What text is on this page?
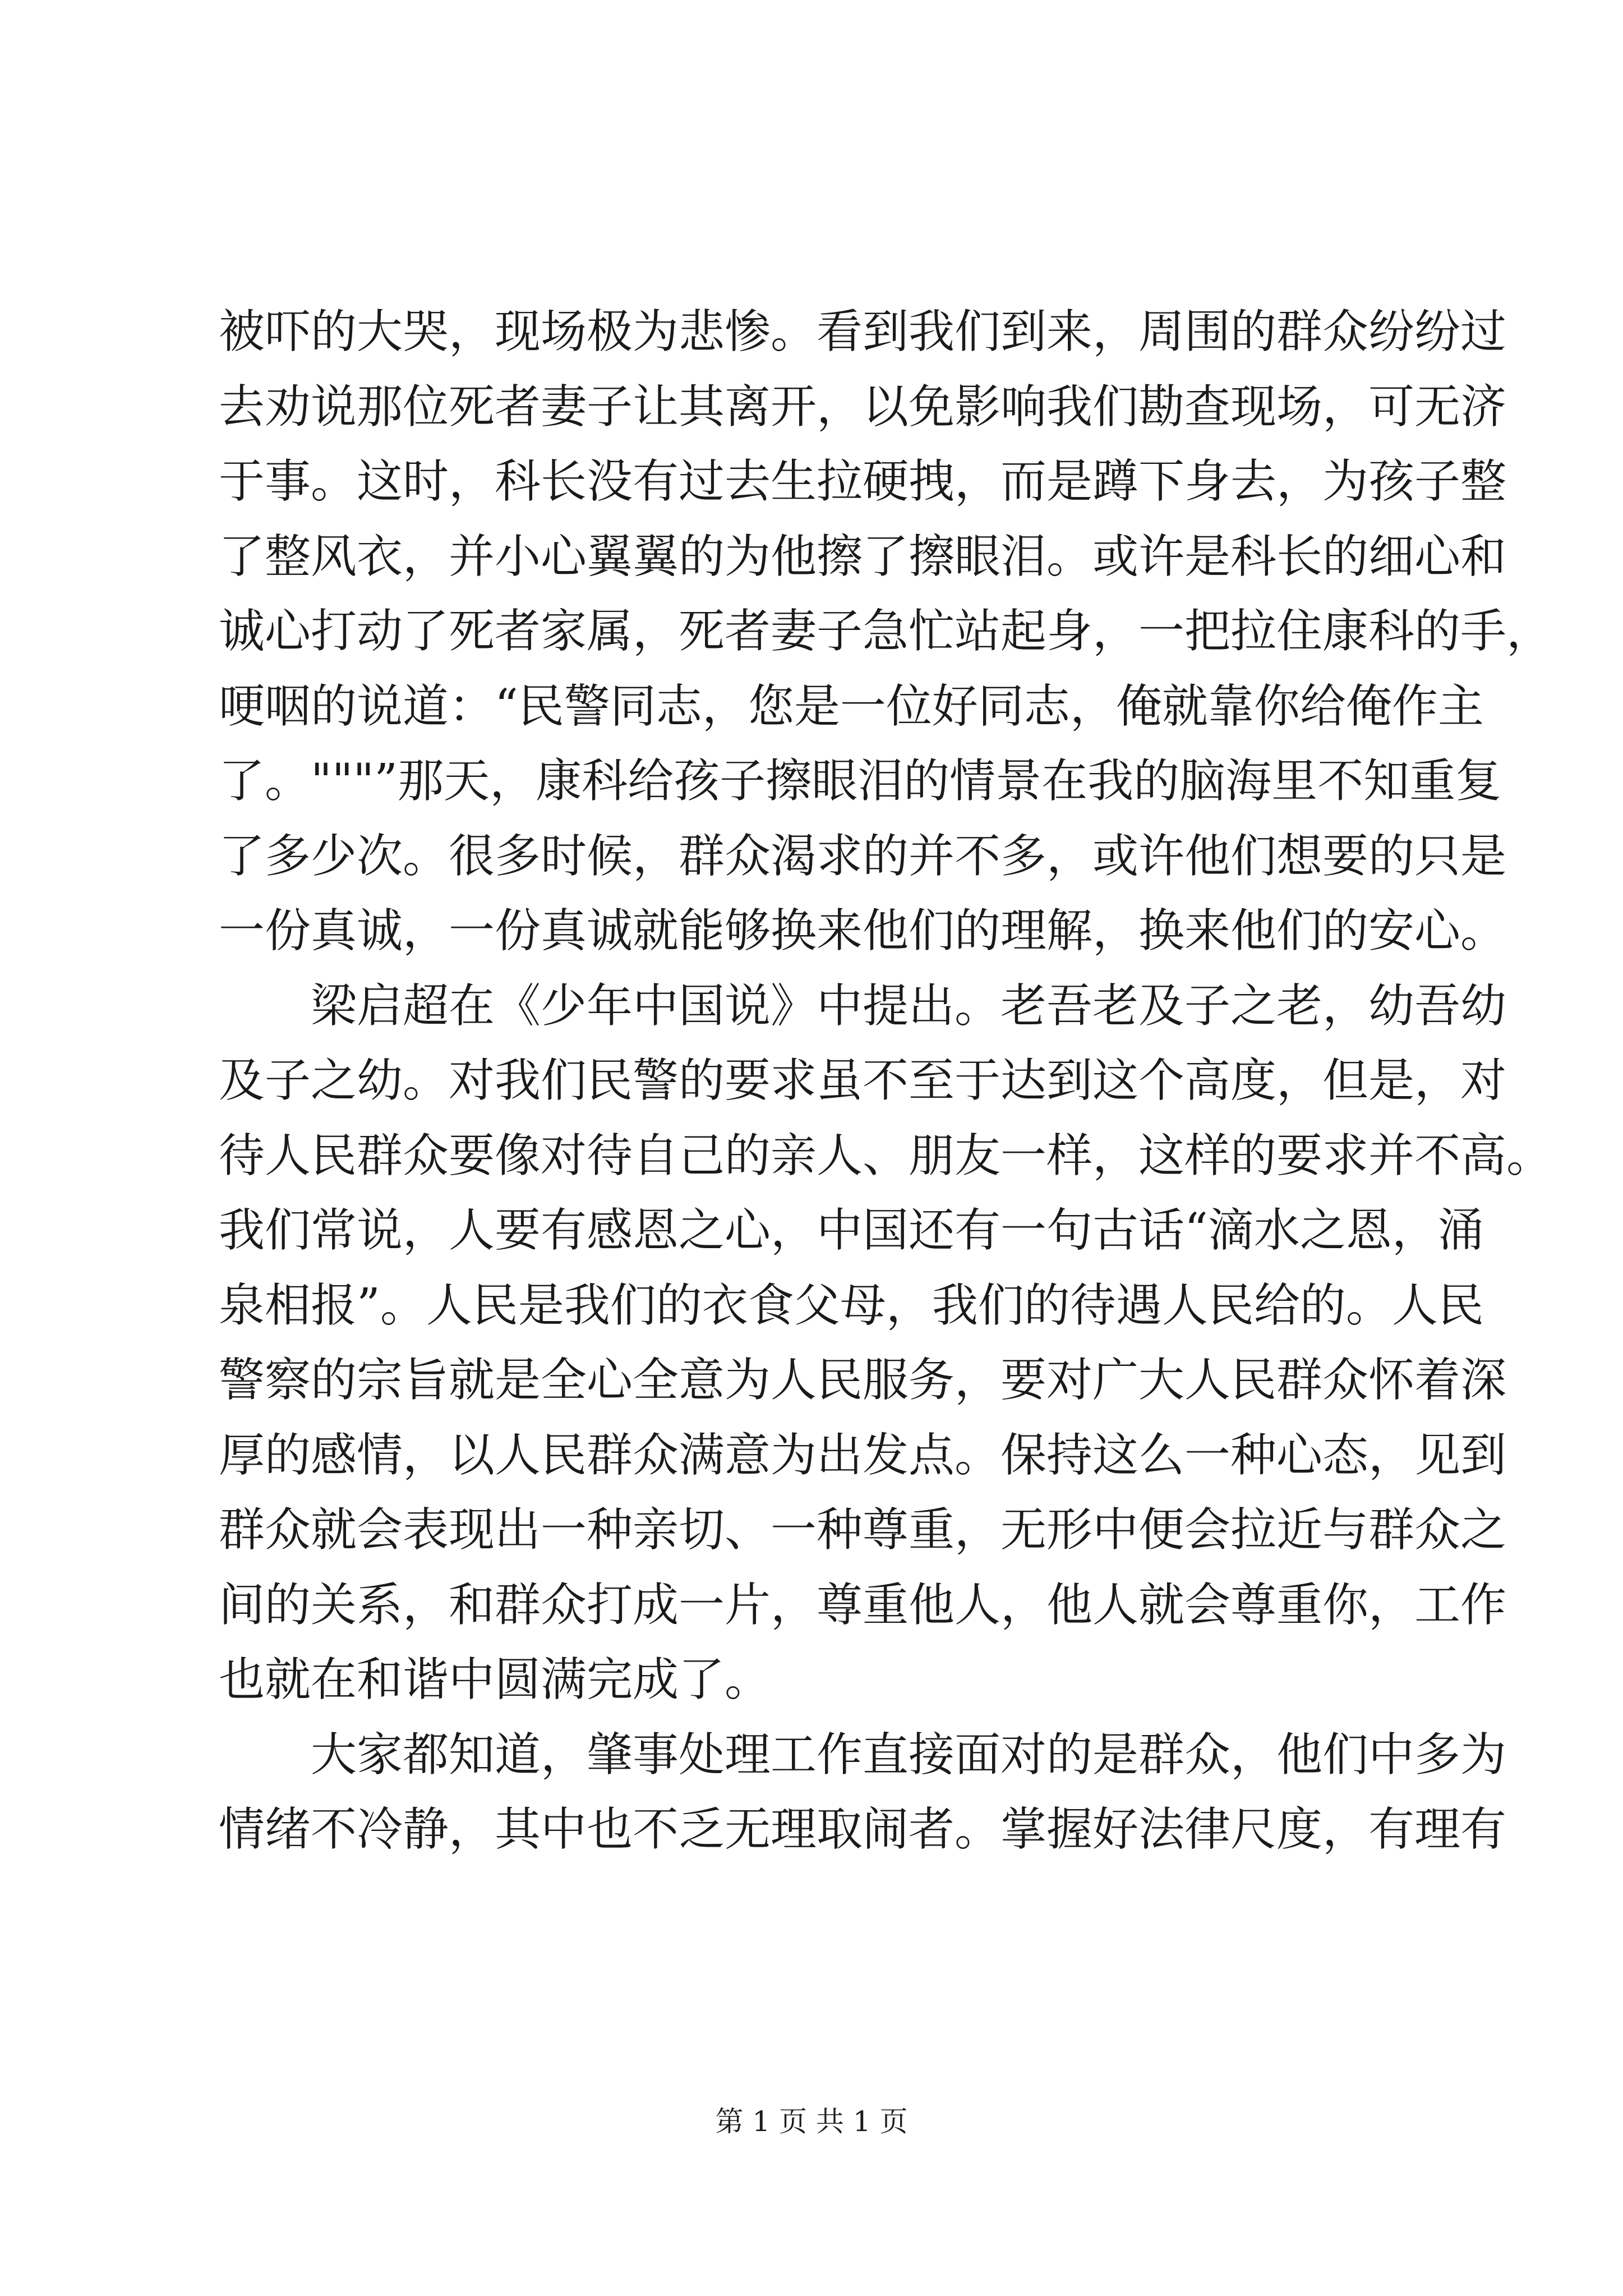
被吓的大哭，现场极为悲惨。看到我们到来，周围的群众纷纷过
去劝说那位死者妻子让其离开，以免影响我们勘查现场，可无济
于事。这时，科长没有过去生拉硬拽，而是蹲下身去，为孩子整
了整风衣，并小心翼翼的为他擦了擦眼泪。或许是科长的细心和
诚心打动了死者家属，死者妻子急忙站起身，一把拉住康科的手，
哽咽的说道：“民警同志，您是一位好同志，俺就靠你给俺作主
了。"""”那天，康科给孩子擦眼泪的情景在我的脑海里不知重复
了多少次。很多时候，群众渴求的并不多，或许他们想要的只是
一份真诚，一份真诚就能够换来他们的理解，换来他们的安心。
梁启超在《少年中国说》中提出。老吾老及子之老，幼吾幼
及子之幼。对我们民警的要求虽不至于达到这个高度，但是，对
待人民群众要像对待自己的亲人、朋友一样，这样的要求并不高。
我们常说，人要有感恩之心，中国还有一句古话“滴水之恩，涌
泉相报”。人民是我们的衣食父母，我们的待遇人民给的。人民
警察的宗旨就是全心全意为人民服务，要对广大人民群众怀着深
厚的感情，以人民群众满意为出发点。保持这么一种心态，见到
群众就会表现出一种亲切、一种尊重，无形中便会拉近与群众之
间的关系，和群众打成一片，尊重他人，他人就会尊重你，工作
也就在和谐中圆满完成了。
大家都知道，肇事处理工作直接面对的是群众，他们中多为
情绪不冷静，其中也不乏无理取闹者。掌握好法律尺度，有理有
第 1 页 共 1 页
